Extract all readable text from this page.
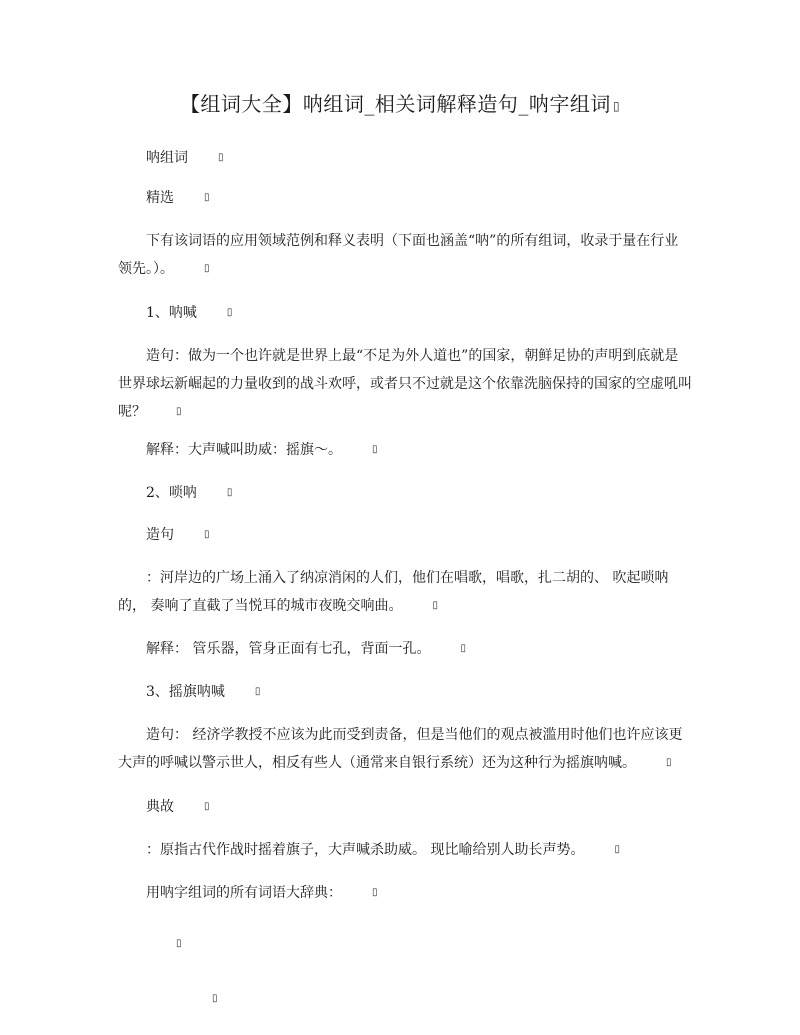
【组词大全】呐组词_相关词解释造句_呐字组词 ▯
呐组词	▯
精选	▯
下有该词语的应用领域范例和释义表明（下面也涵盖“呐”的所有组词，收录于量在行业领先。）。	▯
1、呐喊	▯
造句：做为一个也许就是世界上最“不足为外人道也”的国家，朝鲜足协的声明到底就是世界球坛新崛起的力量收到的战斗欢呼，或者只不过就是这个依靠洗脑保持的国家的空虚吼叫呢？	▯
解释：大声喊叫助威：摇旗～。	▯
2、唢呐	▯
造句	▯
：河岸边的广场上涌入了纳凉消闲的人们，他们在唱歌，唱歌，扎二胡的、 吹起唢呐的， 奏响了直截了当悦耳的城市夜晚交响曲。	▯
解释： 管乐器，管身正面有七孔，背面一孔。	▯
3、摇旗呐喊	▯
造句： 经济学教授不应该为此而受到责备，但是当他们的观点被滥用时他们也许应该更大声的呼喊以警示世人，相反有些人（通常来自银行系统）还为这种行为摇旗呐喊。	▯
典故	▯
：原指古代作战时摇着旗子，大声喊杀助威。 现比喻给别人助长声势。	▯
用呐字组词的所有词语大辞典：	▯
▯
▯
